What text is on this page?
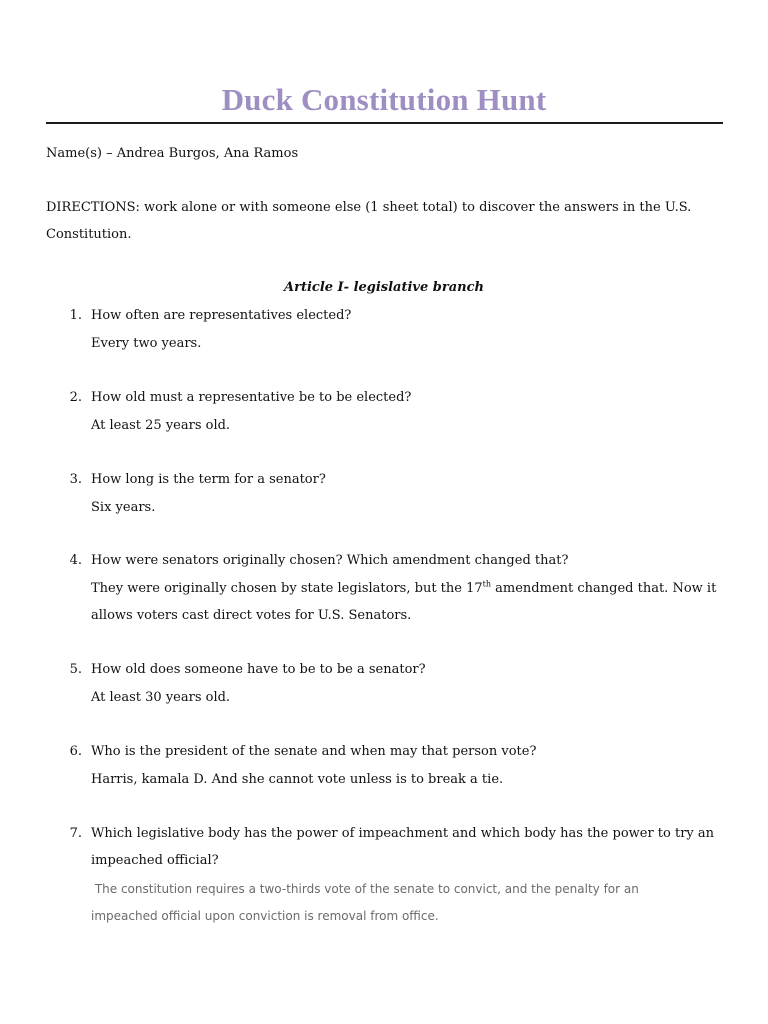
Duck Constitution Hunt
Name(s) – Andrea Burgos, Ana Ramos
DIRECTIONS: work alone or with someone else (1 sheet total) to discover the answers in the U.S.
Constitution.
Article I- legislative branch
1. How often are representatives elected?
Every two years.
2. How old must a representative be to be elected?
At least 25 years old.
3. How long is the term for a senator?
Six years.
4. How were senators originally chosen? Which amendment changed that?
They were originally chosen by state legislators, but the 17th amendment changed that. Now it
allows voters cast direct votes for U.S. Senators.
5. How old does someone have to be to be a senator?
At least 30 years old.
6. Who is the president of the senate and when may that person vote?
Harris, kamala D. And she cannot vote unless is to break a tie.
7. Which legislative body has the power of impeachment and which body has the power to try an
impeached official?
The constitution requires a two-thirds vote of the senate to convict, and the penalty for an
impeached official upon conviction is removal from office.
